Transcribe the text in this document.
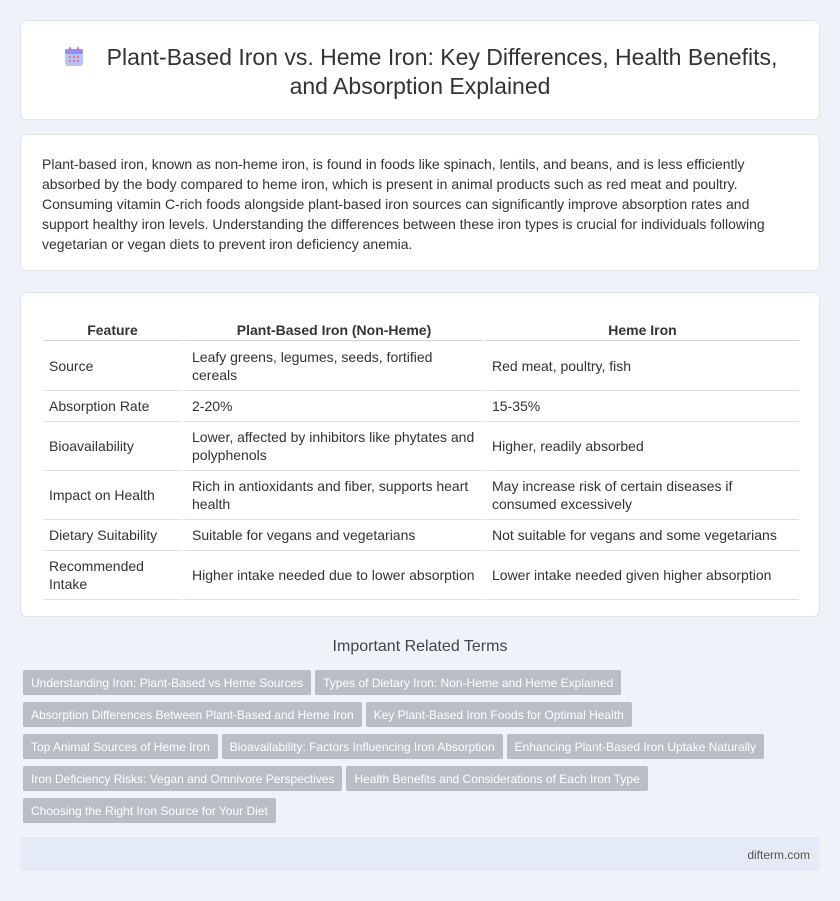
Plant-Based Iron vs. Heme Iron: Key Differences, Health Benefits, and Absorption Explained

Plant-based iron, known as non-heme iron, is found in foods like spinach, lentils, and beans, and is less efficiently absorbed by the body compared to heme iron, which is present in animal products such as red meat and poultry. Consuming vitamin C-rich foods alongside plant-based iron sources can significantly improve absorption rates and support healthy iron levels. Understanding the differences between these iron types is crucial for individuals following vegetarian or vegan diets to prevent iron deficiency anemia.

Feature	Plant-Based Iron (Non-Heme)	Heme Iron
Source	Leafy greens, legumes, seeds, fortified cereals	Red meat, poultry, fish
Absorption Rate	2-20%	15-35%
Bioavailability	Lower, affected by inhibitors like phytates and polyphenols	Higher, readily absorbed
Impact on Health	Rich in antioxidants and fiber, supports heart health	May increase risk of certain diseases if consumed excessively
Dietary Suitability	Suitable for vegans and vegetarians	Not suitable for vegans and some vegetarians
Recommended Intake	Higher intake needed due to lower absorption	Lower intake needed given higher absorption
Important Related Terms
Understanding Iron: Plant-Based vs Heme Sources Types of Dietary Iron: Non-Heme and Heme Explained
Absorption Differences Between Plant-Based and Heme Iron Key Plant-Based Iron Foods for Optimal Health
Top Animal Sources of Heme Iron Bioavailability: Factors Influencing Iron Absorption Enhancing Plant-Based Iron Uptake Naturally
Iron Deficiency Risks: Vegan and Omnivore Perspectives Health Benefits and Considerations of Each Iron Type
Choosing the Right Iron Source for Your Diet
difterm.com
